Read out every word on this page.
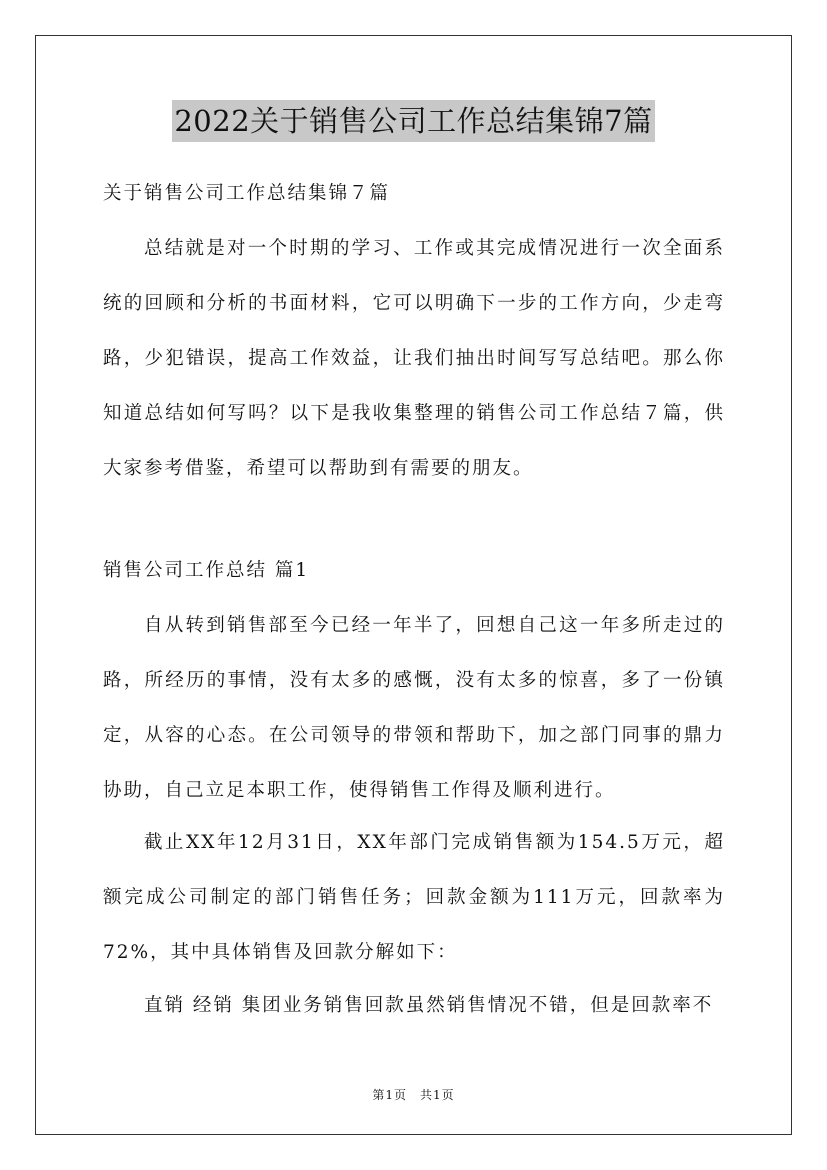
2022关于销售公司工作总结集锦7篇
关于销售公司工作总结集锦７篇
总结就是对一个时期的学习、工作或其完成情况进行一次全面系统的回顾和分析的书面材料，它可以明确下一步的工作方向，少走弯路，少犯错误，提高工作效益，让我们抽出时间写写总结吧。那么你知道总结如何写吗？以下是我收集整理的销售公司工作总结７篇，供大家参考借鉴，希望可以帮助到有需要的朋友。
销售公司工作总结 篇1
自从转到销售部至今已经一年半了，回想自己这一年多所走过的路，所经历的事情，没有太多的感慨，没有太多的惊喜，多了一份镇定，从容的心态。在公司领导的带领和帮助下，加之部门同事的鼎力协助，自己立足本职工作，使得销售工作得及顺利进行。
截止XX年12月31日，XX年部门完成销售额为154.5万元，超额完成公司制定的部门销售任务；回款金额为111万元，回款率为72%，其中具体销售及回款分解如下：
直销 经销 集团业务销售回款虽然销售情况不错，但是回款率不
第1页　共1页
